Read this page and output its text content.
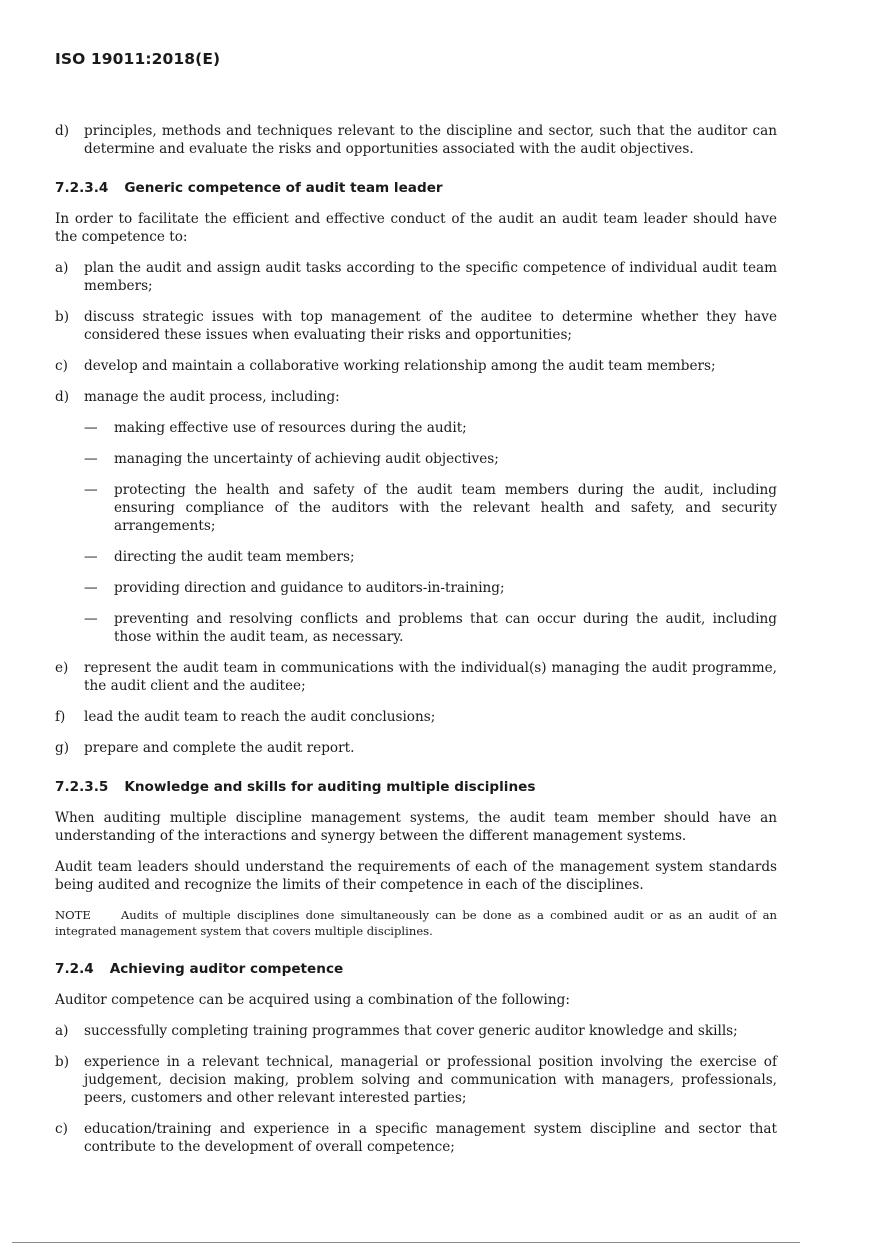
ISO 19011:2018(E)
d)	principles, methods and techniques relevant to the discipline and sector, such that the auditor can determine and evaluate the risks and opportunities associated with the audit objectives.
7.2.3.4 Generic competence of audit team leader
In order to facilitate the efficient and effective conduct of the audit an audit team leader should have the competence to:
a)	plan the audit and assign audit tasks according to the specific competence of individual audit team members;
b)	discuss strategic issues with top management of the auditee to determine whether they have considered these issues when evaluating their risks and opportunities;
c)	develop and maintain a collaborative working relationship among the audit team members;
d)	manage the audit process, including:
—	making effective use of resources during the audit;
—	managing the uncertainty of achieving audit objectives;
—	protecting the health and safety of the audit team members during the audit, including ensuring compliance of the auditors with the relevant health and safety, and security arrangements;
—	directing the audit team members;
—	providing direction and guidance to auditors-in-training;
—	preventing and resolving conflicts and problems that can occur during the audit, including those within the audit team, as necessary.
e)	represent the audit team in communications with the individual(s) managing the audit programme, the audit client and the auditee;
f)	lead the audit team to reach the audit conclusions;
g)	prepare and complete the audit report.
7.2.3.5 Knowledge and skills for auditing multiple disciplines
When auditing multiple discipline management systems, the audit team member should have an understanding of the interactions and synergy between the different management systems.
Audit team leaders should understand the requirements of each of the management system standards being audited and recognize the limits of their competence in each of the disciplines.
NOTE	Audits of multiple disciplines done simultaneously can be done as a combined audit or as an audit of an integrated management system that covers multiple disciplines.
7.2.4 Achieving auditor competence
Auditor competence can be acquired using a combination of the following:
a)	successfully completing training programmes that cover generic auditor knowledge and skills;
b)	experience in a relevant technical, managerial or professional position involving the exercise of judgement, decision making, problem solving and communication with managers, professionals, peers, customers and other relevant interested parties;
c)	education/training and experience in a specific management system discipline and sector that contribute to the development of overall competence;
